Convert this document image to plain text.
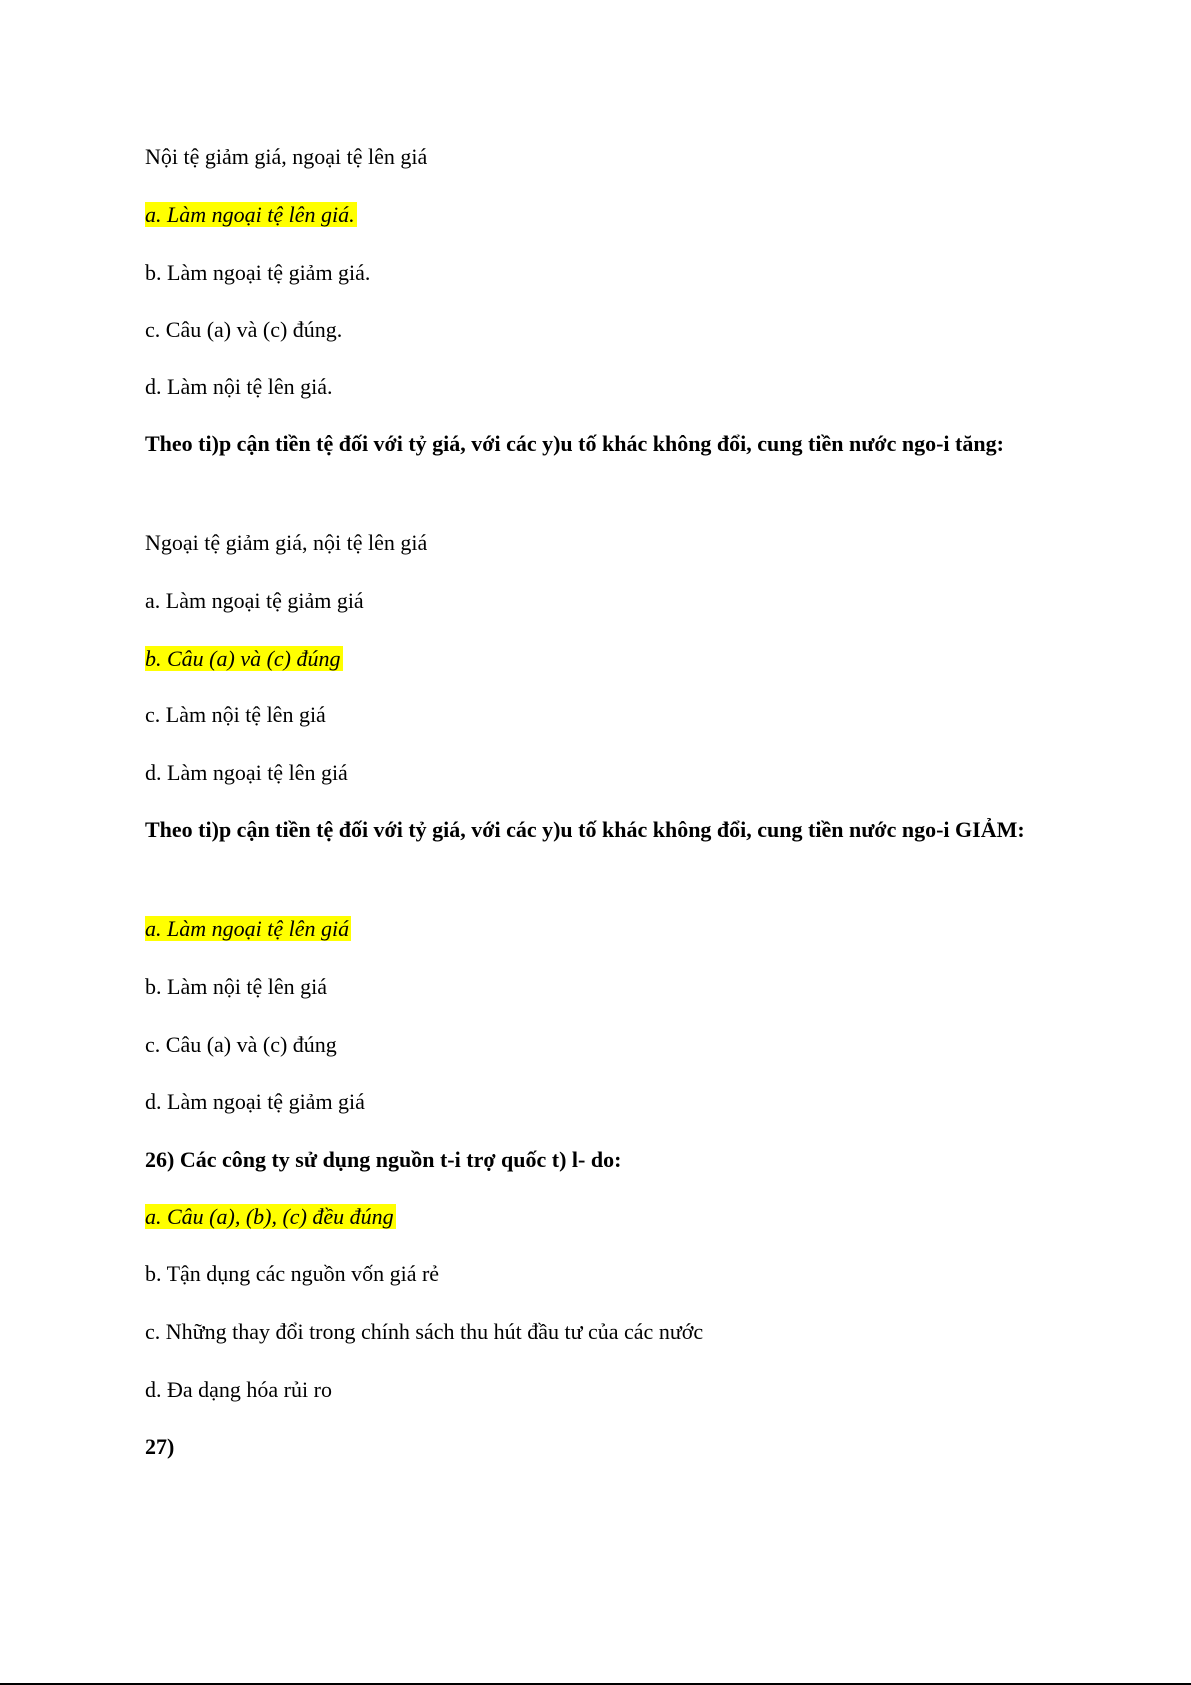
Nội tệ giảm giá, ngoại tệ lên giá
a. Làm ngoại tệ lên giá.
b. Làm ngoại tệ giảm giá.
c. Câu (a) và (c) đúng.
d. Làm nội tệ lên giá.
Theo ti)p cận tiền tệ đối với tỷ giá, với các y)u tố khác không đổi, cung tiền nước ngo-i tăng:
Ngoại tệ giảm giá, nội tệ lên giá
a. Làm ngoại tệ giảm giá
b. Câu (a) và (c) đúng
c. Làm nội tệ lên giá
d. Làm ngoại tệ lên giá
Theo ti)p cận tiền tệ đối với tỷ giá, với các y)u tố khác không đổi, cung tiền nước ngo-i GIẢM:
a. Làm ngoại tệ lên giá
b. Làm nội tệ lên giá
c. Câu (a) và (c) đúng
d. Làm ngoại tệ giảm giá
26) Các công ty sử dụng nguồn t-i trợ quốc t) l- do:
a. Câu (a), (b), (c) đều đúng
b. Tận dụng các nguồn vốn giá rẻ
c. Những thay đổi trong chính sách thu hút đầu tư của các nước
d. Đa dạng hóa rủi ro
27)
